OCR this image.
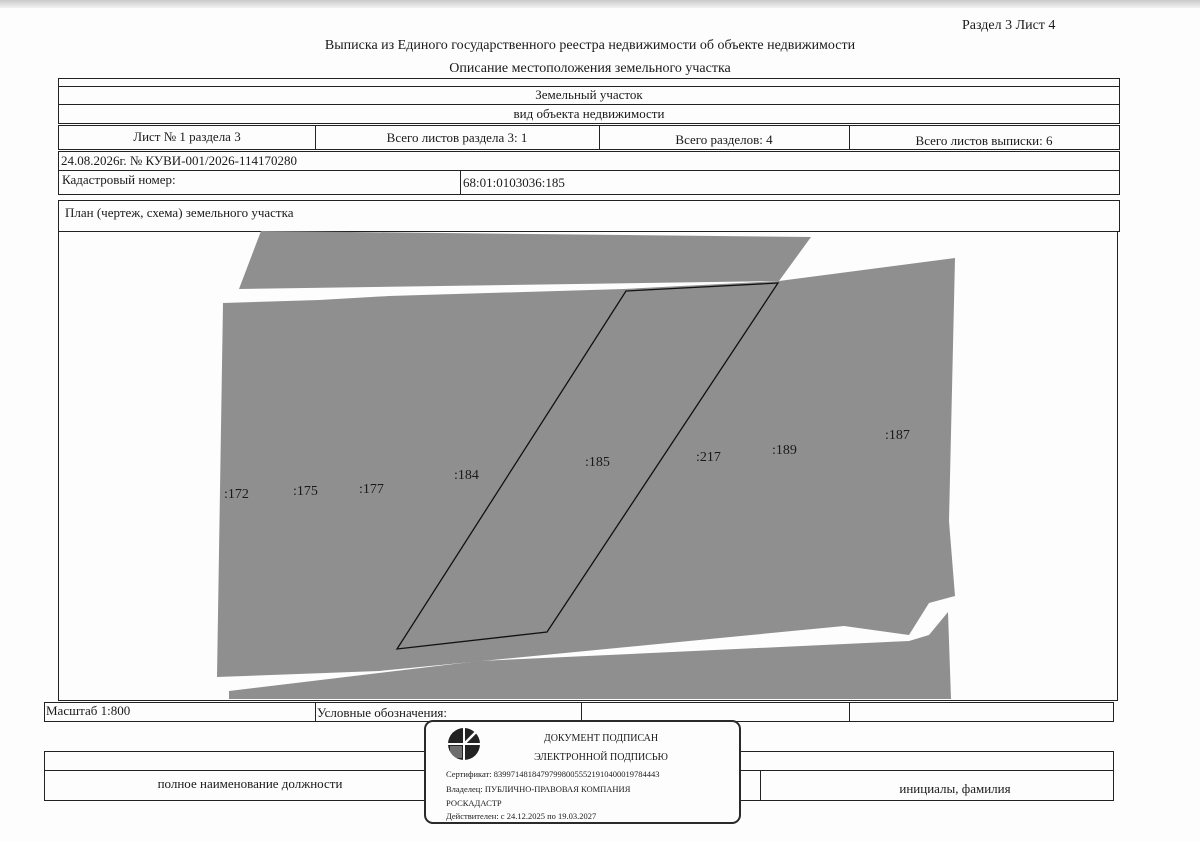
Раздел 3 Лист 4
Выписка из Единого государственного реестра недвижимости об объекте недвижимости
Описание местоположения земельного участка
Земельный участок
вид объекта недвижимости
Лист № 1 раздела 3	Всего листов раздела 3: 1	Всего разделов: 4	Всего листов выписки: 6
24.08.2026г. № КУВИ-001/2026-114170280
Кадастровый номер:	68:01:0103036:185
План (чертеж, схема) земельного участка
:172	:175	:177
:184
:185	:217	:189
:187
Масштаб 1:800	Условные обозначения:
полное наименование должности	инициалы, фамилия
ДОКУМЕНТ ПОДПИСАН
ЭЛЕКТРОННОЙ ПОДПИСЬЮ
Сертификат: 839971481847979980055521910400019784443
Владелец: ПУБЛИЧНО-ПРАВОВАЯ КОМПАНИЯ
РОСКАДАСТР
Действителен: с 24.12.2025 по 19.03.2027
